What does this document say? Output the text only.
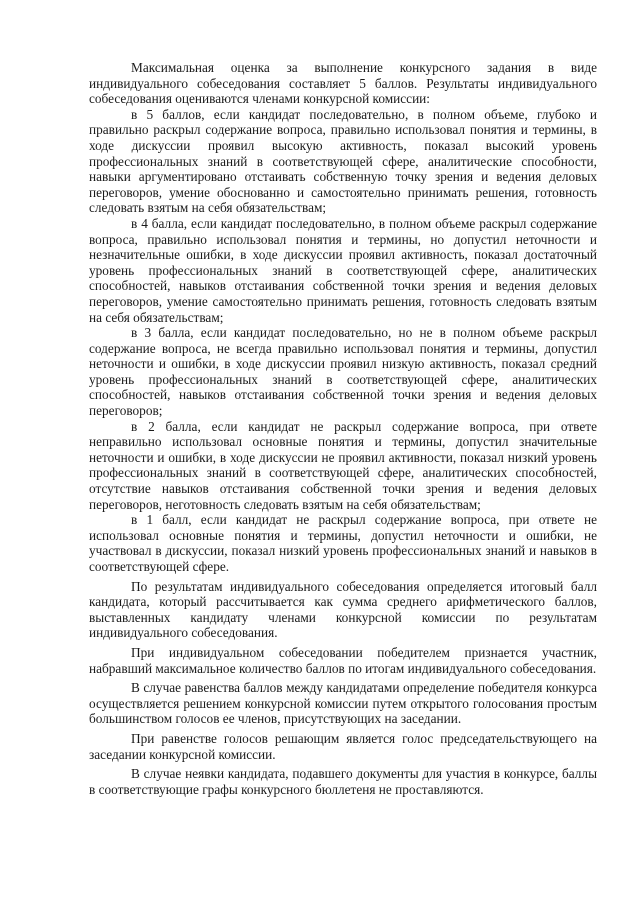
Максимальная оценка за выполнение конкурсного задания в виде индивидуального собеседования составляет 5 баллов. Результаты индивидуального собеседования оцениваются членами конкурсной комиссии:

в 5 баллов, если кандидат последовательно, в полном объеме, глубоко и правильно раскрыл содержание вопроса, правильно использовал понятия и термины, в ходе дискуссии проявил высокую активность, показал высокий уровень профессиональных знаний в соответствующей сфере, аналитические способности, навыки аргументировано отстаивать собственную точку зрения и ведения деловых переговоров, умение обоснованно и самостоятельно принимать решения, готовность следовать взятым на себя обязательствам;

в 4 балла, если кандидат последовательно, в полном объеме раскрыл содержание вопроса, правильно использовал понятия и термины, но допустил неточности и незначительные ошибки, в ходе дискуссии проявил активность, показал достаточный уровень профессиональных знаний в соответствующей сфере, аналитических способностей, навыков отстаивания собственной точки зрения и ведения деловых переговоров, умение самостоятельно принимать решения, готовность следовать взятым на себя обязательствам;

в 3 балла, если кандидат последовательно, но не в полном объеме раскрыл содержание вопроса, не всегда правильно использовал понятия и термины, допустил неточности и ошибки, в ходе дискуссии проявил низкую активность, показал средний уровень профессиональных знаний в соответствующей сфере, аналитических способностей, навыков отстаивания собственной точки зрения и ведения деловых переговоров;

в 2 балла, если кандидат не раскрыл содержание вопроса, при ответе неправильно использовал основные понятия и термины, допустил значительные неточности и ошибки, в ходе дискуссии не проявил активности, показал низкий уровень профессиональных знаний в соответствующей сфере, аналитических способностей, отсутствие навыков отстаивания собственной точки зрения и ведения деловых переговоров, неготовность следовать взятым на себя обязательствам;

в 1 балл, если кандидат не раскрыл содержание вопроса, при ответе не использовал основные понятия и термины, допустил неточности и ошибки, не участвовал в дискуссии, показал низкий уровень профессиональных знаний и навыков в соответствующей сфере.

По результатам индивидуального собеседования определяется итоговый балл кандидата, который рассчитывается как сумма среднего арифметического баллов, выставленных кандидату членами конкурсной комиссии по результатам индивидуального собеседования.

При индивидуальном собеседовании победителем признается участник, набравший максимальное количество баллов по итогам индивидуального собеседования.

В случае равенства баллов между кандидатами определение победителя конкурса осуществляется решением конкурсной комиссии путем открытого голосования простым большинством голосов ее членов, присутствующих на заседании.

При равенстве голосов решающим является голос председательствующего на заседании конкурсной комиссии.

В случае неявки кандидата, подавшего документы для участия в конкурсе, баллы в соответствующие графы конкурсного бюллетеня не проставляются.
